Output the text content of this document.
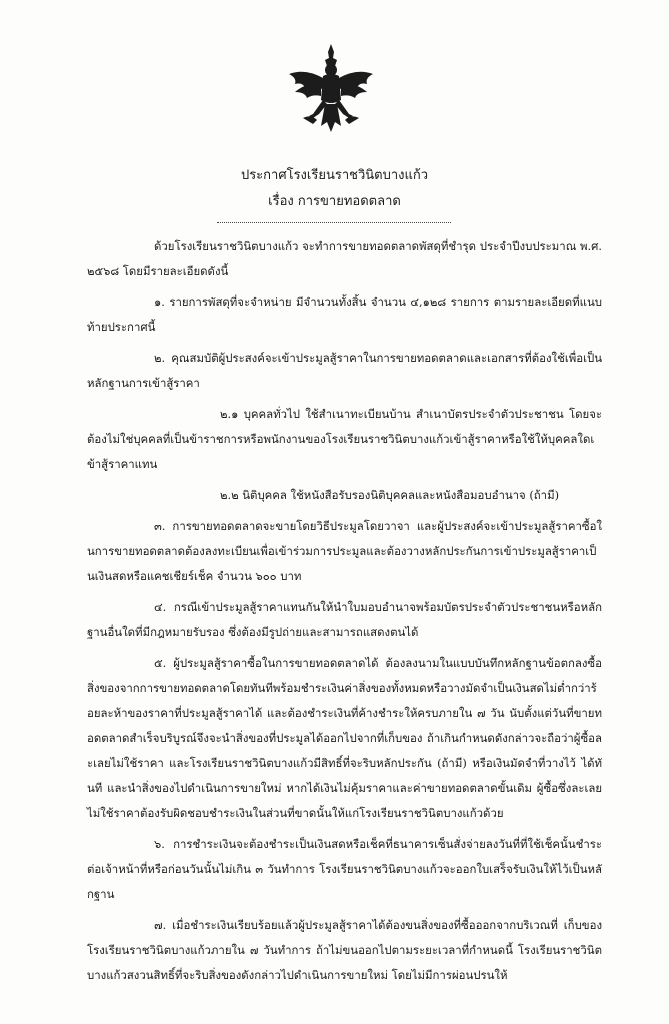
ประกาศโรงเรียนราชวินิตบางแก้ว
เรื่อง การขายทอดตลาด

ด้วยโรงเรียนราชวินิตบางแก้ว จะทำการขายทอดตลาดพัสดุที่ชำรุด ประจำปีงบประมาณ พ.ศ. ๒๕๖๘ โดยมีรายละเอียดดังนี้

๑. รายการพัสดุที่จะจำหน่าย มีจำนวนทั้งสิ้น จำนวน ๔,๑๒๘ รายการ ตามรายละเอียดที่แนบท้ายประกาศนี้

๒. คุณสมบัติผู้ประสงค์จะเข้าประมูลสู้ราคาในการขายทอดตลาดและเอกสารที่ต้องใช้เพื่อเป็นหลักฐานการเข้าสู้ราคา

๒.๑ บุคคลทั่วไป ใช้สำเนาทะเบียนบ้าน สำเนาบัตรประจำตัวประชาชน โดยจะต้องไม่ใช่บุคคลที่เป็นข้าราชการหรือพนักงานของโรงเรียนราชวินิตบางแก้วเข้าสู้ราคาหรือใช้ให้บุคคลใดเข้าสู้ราคาแทน

๒.๒ นิติบุคคล ใช้หนังสือรับรองนิติบุคคลและหนังสือมอบอำนาจ (ถ้ามี)

๓. การขายทอดตลาดจะขายโดยวิธีประมูลโดยวาจา และผู้ประสงค์จะเข้าประมูลสู้ราคาซื้อในการขายทอดตลาดต้องลงทะเบียนเพื่อเข้าร่วมการประมูลและต้องวางหลักประกันการเข้าประมูลสู้ราคาเป็นเงินสดหรือแคชเชียร์เช็ค จำนวน ๖๐๐ บาท

๔. กรณีเข้าประมูลสู้ราคาแทนกันให้นำใบมอบอำนาจพร้อมบัตรประจำตัวประชาชนหรือหลักฐานอื่นใดที่มีกฎหมายรับรอง ซึ่งต้องมีรูปถ่ายและสามารถแสดงตนได้

๕. ผู้ประมูลสู้ราคาซื้อในการขายทอดตลาดได้ ต้องลงนามในแบบบันทึกหลักฐานข้อตกลงซื้อสิ่งของจากการขายทอดตลาดโดยทันทีพร้อมชำระเงินค่าสิ่งของทั้งหมดหรือวางมัดจำเป็นเงินสดไม่ต่ำกว่าร้อยละห้าของราคาที่ประมูลสู้ราคาได้ และต้องชำระเงินที่ค้างชำระให้ครบภายใน ๗ วัน นับตั้งแต่วันที่ขายทอดตลาดสำเร็จบริบูรณ์จึงจะนำสิ่งของที่ประมูลได้ออกไปจากที่เก็บของ ถ้าเกินกำหนดดังกล่าวจะถือว่าผู้ซื้อละเลยไม่ใช้ราคา และโรงเรียนราชวินิตบางแก้วมีสิทธิ์ที่จะริบหลักประกัน (ถ้ามี) หรือเงินมัดจำที่วางไว้ ได้ทันที และนำสิ่งของไปดำเนินการขายใหม่ หากได้เงินไม่คุ้มราคาและค่าขายทอดตลาดขั้นเดิม ผู้ซื้อซึ่งละเลยไม่ใช้ราคาต้องรับผิดชอบชำระเงินในส่วนที่ขาดนั้นให้แก่โรงเรียนราชวินิตบางแก้วด้วย

๖. การชำระเงินจะต้องชำระเป็นเงินสดหรือเช็คที่ธนาคารเซ็นสั่งจ่ายลงวันที่ที่ใช้เช็คนั้นชำระต่อเจ้าหน้าที่หรือก่อนวันนั้นไม่เกิน ๓ วันทำการ โรงเรียนราชวินิตบางแก้วจะออกใบเสร็จรับเงินให้ไว้เป็นหลักฐาน

๗. เมื่อชำระเงินเรียบร้อยแล้วผู้ประมูลสู้ราคาได้ต้องขนสิ่งของที่ซื้อออกจากบริเวณที่ เก็บของโรงเรียนราชวินิตบางแก้วภายใน ๗ วันทำการ ถ้าไม่ขนออกไปตามระยะเวลาที่กำหนดนี้ โรงเรียนราชวินิตบางแก้วสงวนสิทธิ์ที่จะริบสิ่งของดังกล่าวไปดำเนินการขายใหม่ โดยไม่มีการผ่อนปรนให้
